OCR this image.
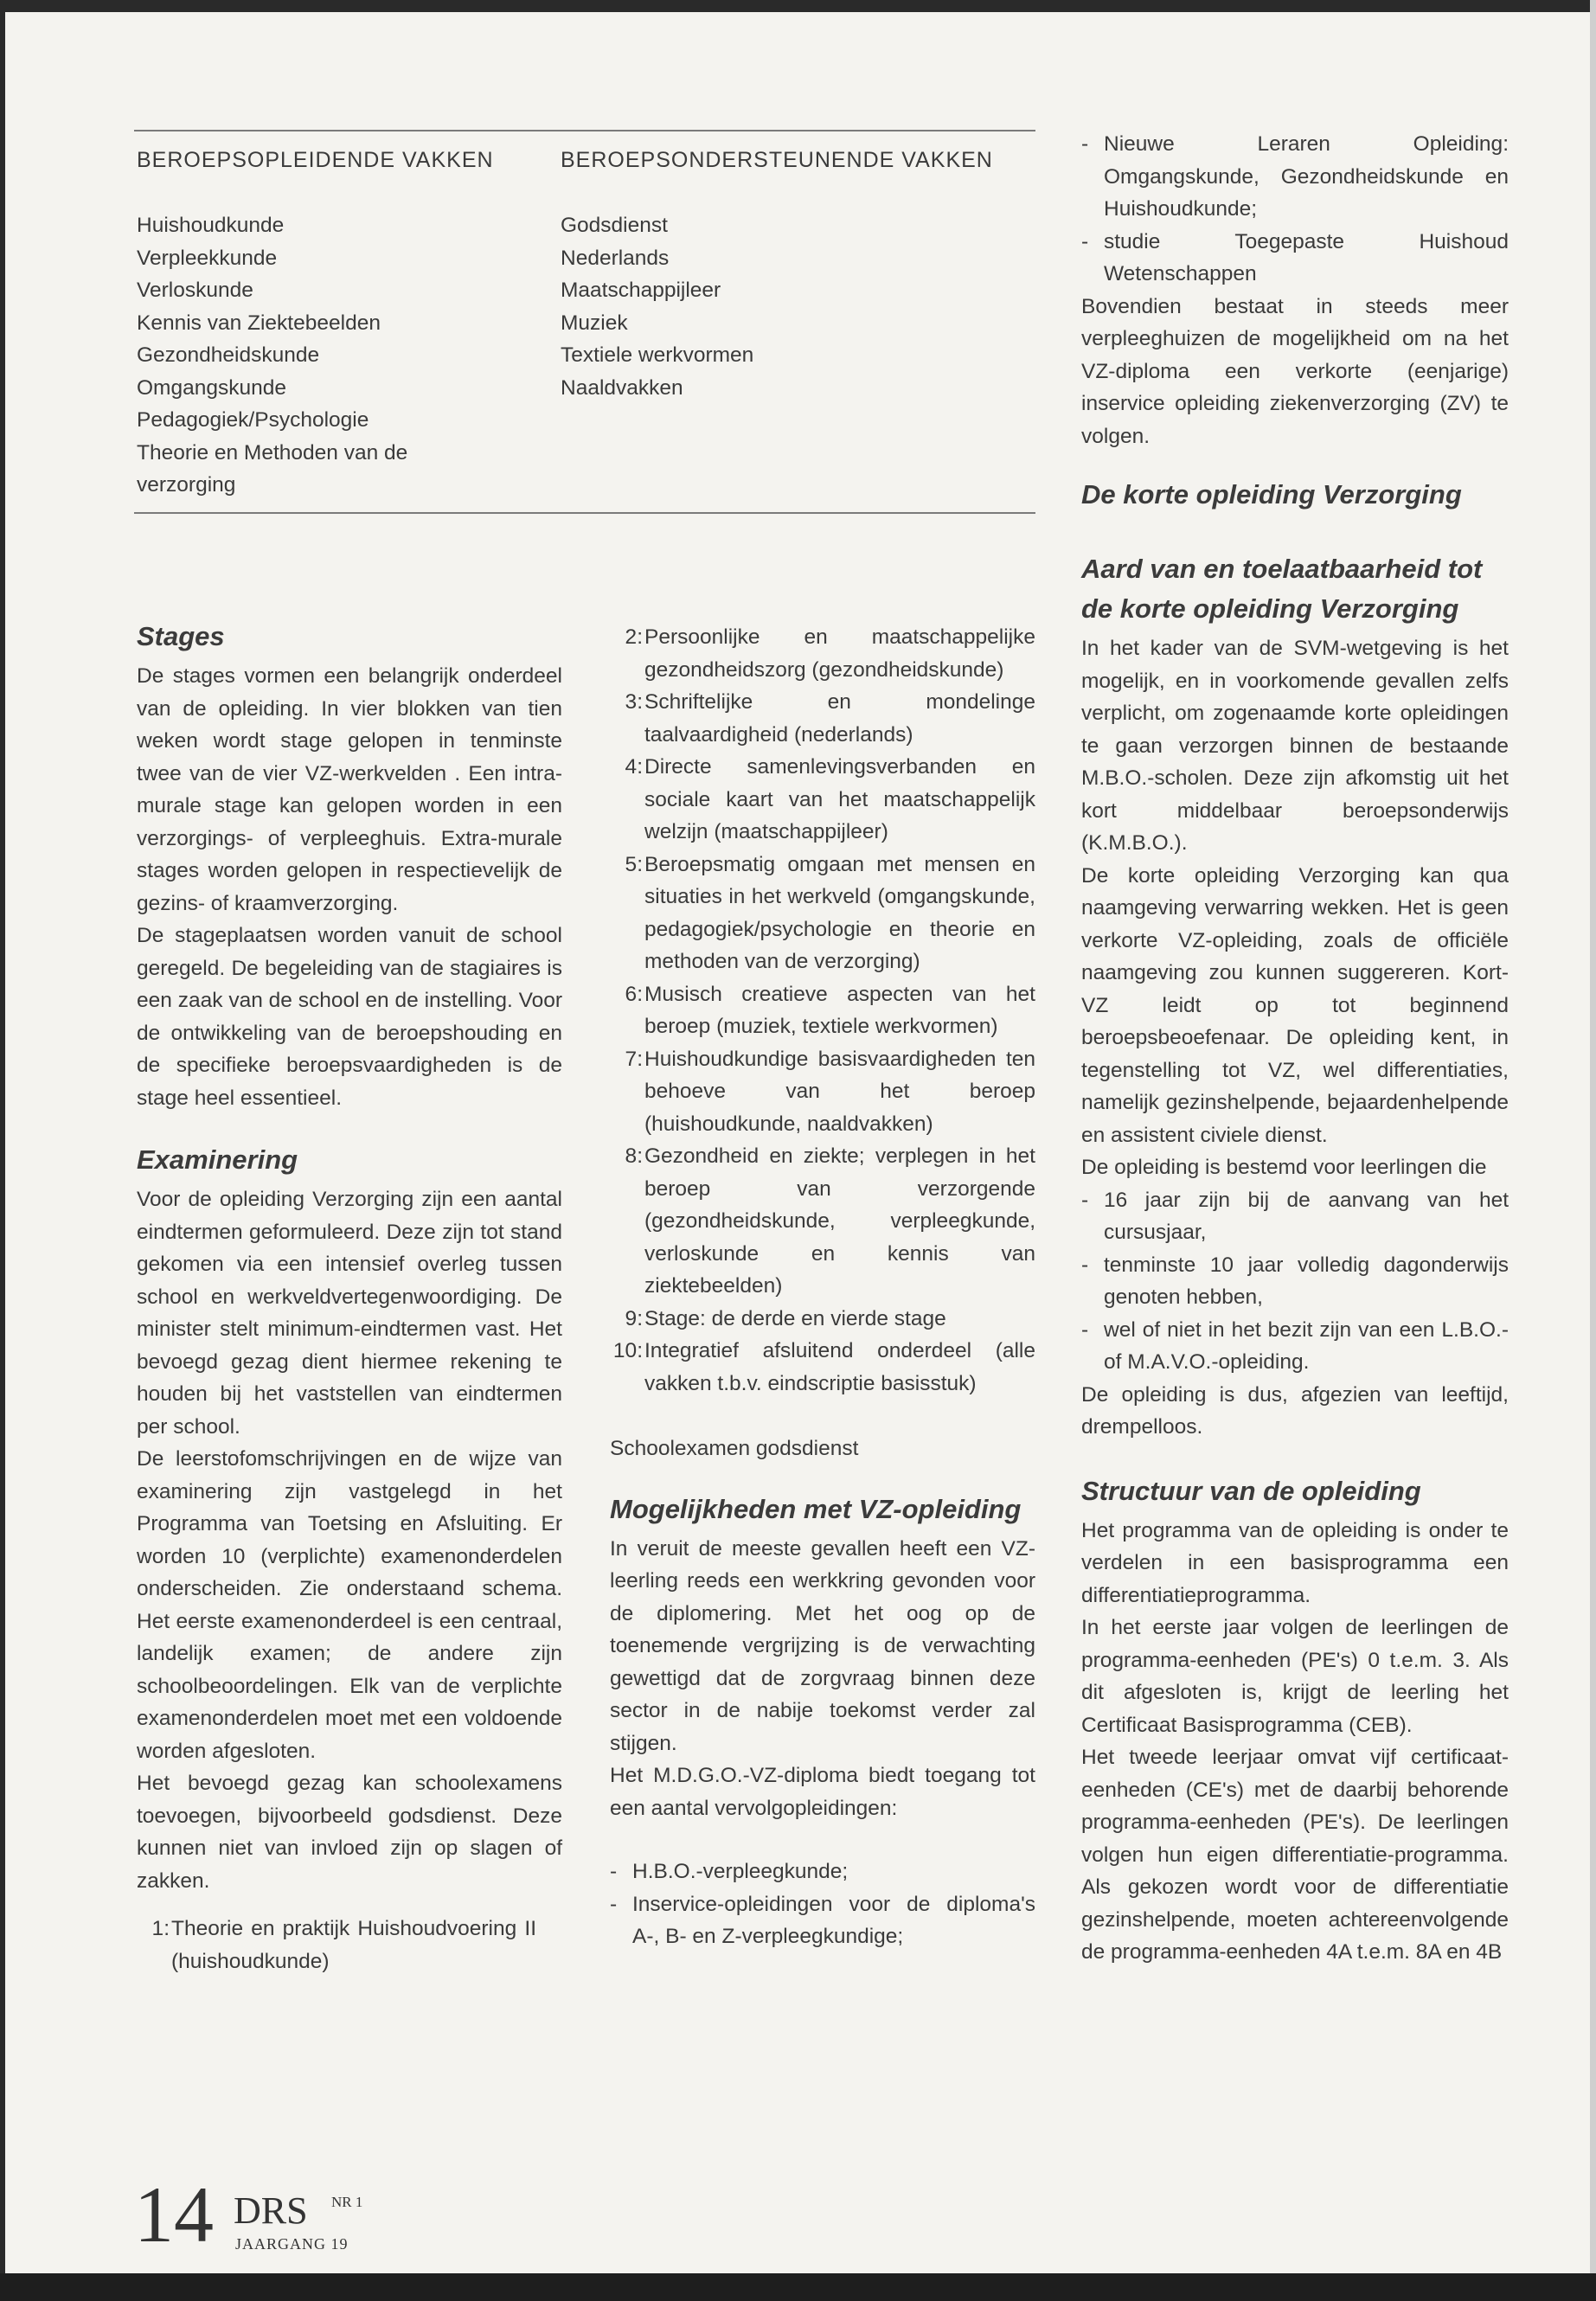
BEROEPSOPLEIDENDE VAKKEN

Huishoudkunde
Verpleekkunde
Verloskunde
Kennis van Ziektebeelden
Gezondheidskunde
Omgangskunde
Pedagogiek/Psychologie
Theorie en Methoden van de
verzorging

BEROEPSONDERSTEUNENDE VAKKEN

Godsdienst
Nederlands
Maatschappijleer
Muziek
Textiele werkvormen
Naaldvakken
Stages

De stages vormen een belangrijk onderdeel van de opleiding. In vier blokken van tien weken wordt stage gelopen in tenminste twee van de vier VZ-werkvelden . Een intra-murale stage kan gelopen worden in een verzorgings- of verpleeghuis. Extra-murale stages worden gelopen in respectievelijk de gezins- of kraamverzorging.

De stageplaatsen worden vanuit de school geregeld. De begeleiding van de stagiaires is een zaak van de school en de instelling. Voor de ontwikkeling van de beroepshouding en de specifieke beroepsvaardigheden is de stage heel essentieel.

Examinering

Voor de opleiding Verzorging zijn een aantal eindtermen geformuleerd. Deze zijn tot stand gekomen via een intensief overleg tussen school en werkveldvertegenwoordiging. De minister stelt minimum-eindtermen vast. Het bevoegd gezag dient hiermee rekening te houden bij het vaststellen van eindtermen per school.

De leerstofomschrijvingen en de wijze van examinering zijn vastgelegd in het Programma van Toetsing en Afsluiting. Er worden 10 (verplichte) examenonderdelen onderscheiden. Zie onderstaand schema. Het eerste examenonderdeel is een centraal, landelijk examen; de andere zijn schoolbeoordelingen. Elk van de verplichte examenonderdelen moet met een voldoende worden afgesloten.

Het bevoegd gezag kan schoolexamens toevoegen, bijvoorbeeld godsdienst. Deze kunnen niet van invloed zijn op slagen of zakken.

1 : Theorie en praktijk Huishoudvoering II (huishoudkunde)
2 : Persoonlijke en maatschappelijke gezondheidszorg (gezondheidskunde)
3 : Schriftelijke en mondelinge taalvaardigheid (nederlands)
4 : Directe samenlevingsverbanden en sociale kaart van het maatschappelijk welzijn (maatschappijleer)
5 : Beroepsmatig omgaan met mensen en situaties in het werkveld (omgangskunde, pedagogiek/psychologie en theorie en methoden van de verzorging)
6 : Musisch creatieve aspecten van het beroep (muziek, textiele werkvormen)
7 : Huishoudkundige basisvaardigheden ten behoeve van het beroep (huishoudkunde, naaldvakken)
8 : Gezondheid en ziekte; verplegen in het beroep van verzorgende (gezondheidskunde, verpleegkunde, verloskunde en kennis van ziektebeelden)
9 : Stage: de derde en vierde stage
10 : Integratief afsluitend onderdeel (alle vakken t.b.v. eindscriptie basisstuk)

Schoolexamen godsdienst

Mogelijkheden met VZ-opleiding

In veruit de meeste gevallen heeft een VZ-leerling reeds een werkkring gevonden voor de diplomering. Met het oog op de toenemende vergrijzing is de verwachting gewettigd dat de zorgvraag binnen deze sector in de nabije toekomst verder zal stijgen.

Het M.D.G.O.-VZ-diploma biedt toegang tot een aantal vervolgopleidingen:

- H.B.O.-verpleegkunde;
- Inservice-opleidingen voor de diploma's A-, B- en Z-verpleegkundige;
- Nieuwe Leraren Opleiding: Omgangskunde, Gezondheidskunde en Huishoudkunde;
- studie Toegepaste Huishoud Wetenschappen

Bovendien bestaat in steeds meer verpleeghuizen de mogelijkheid om na het VZ-diploma een verkorte (eenjarige) inservice opleiding ziekenverzorging (ZV) te volgen.

De korte opleiding Verzorging
Aard van en toelaatbaarheid tot de korte opleiding Verzorging

In het kader van de SVM-wetgeving is het mogelijk, en in voorkomende gevallen zelfs verplicht, om zogenaamde korte opleidingen te gaan verzorgen binnen de bestaande M.B.O.-scholen. Deze zijn afkomstig uit het kort middelbaar beroepsonderwijs (K.M.B.O.).

De korte opleiding Verzorging kan qua naamgeving verwarring wekken. Het is geen verkorte VZ-opleiding, zoals de officiële naamgeving zou kunnen suggereren. Kort-VZ leidt op tot beginnend beroepsbeoefenaar. De opleiding kent, in tegenstelling tot VZ, wel differentiaties, namelijk gezinshelpende, bejaardenhelpende en assistent civiele dienst.

De opleiding is bestemd voor leerlingen die

- 16 jaar zijn bij de aanvang van het cursusjaar,
- tenminste 10 jaar volledig dagonderwijs genoten hebben,
- wel of niet in het bezit zijn van een L.B.O.- of M.A.V.O.-opleiding.

De opleiding is dus, afgezien van leeftijd, drempelloos.

Structuur van de opleiding

Het programma van de opleiding is onder te verdelen in een basisprogramma een differentiatieprogramma.

In het eerste jaar volgen de leerlingen de programma-eenheden (PE's) 0 t.e.m. 3. Als dit afgesloten is, krijgt de leerling het Certificaat Basisprogramma (CEB).

Het tweede leerjaar omvat vijf certificaat-eenheden (CE's) met de daarbij behorende programma-eenheden (PE's). De leerlingen volgen hun eigen differentiatie-programma. Als gekozen wordt voor de differentiatie gezinshelpende, moeten achtereenvolgende de programma-eenheden 4A t.e.m. 8A en 4B

14 DRS NR 1
JAARGANG 19
